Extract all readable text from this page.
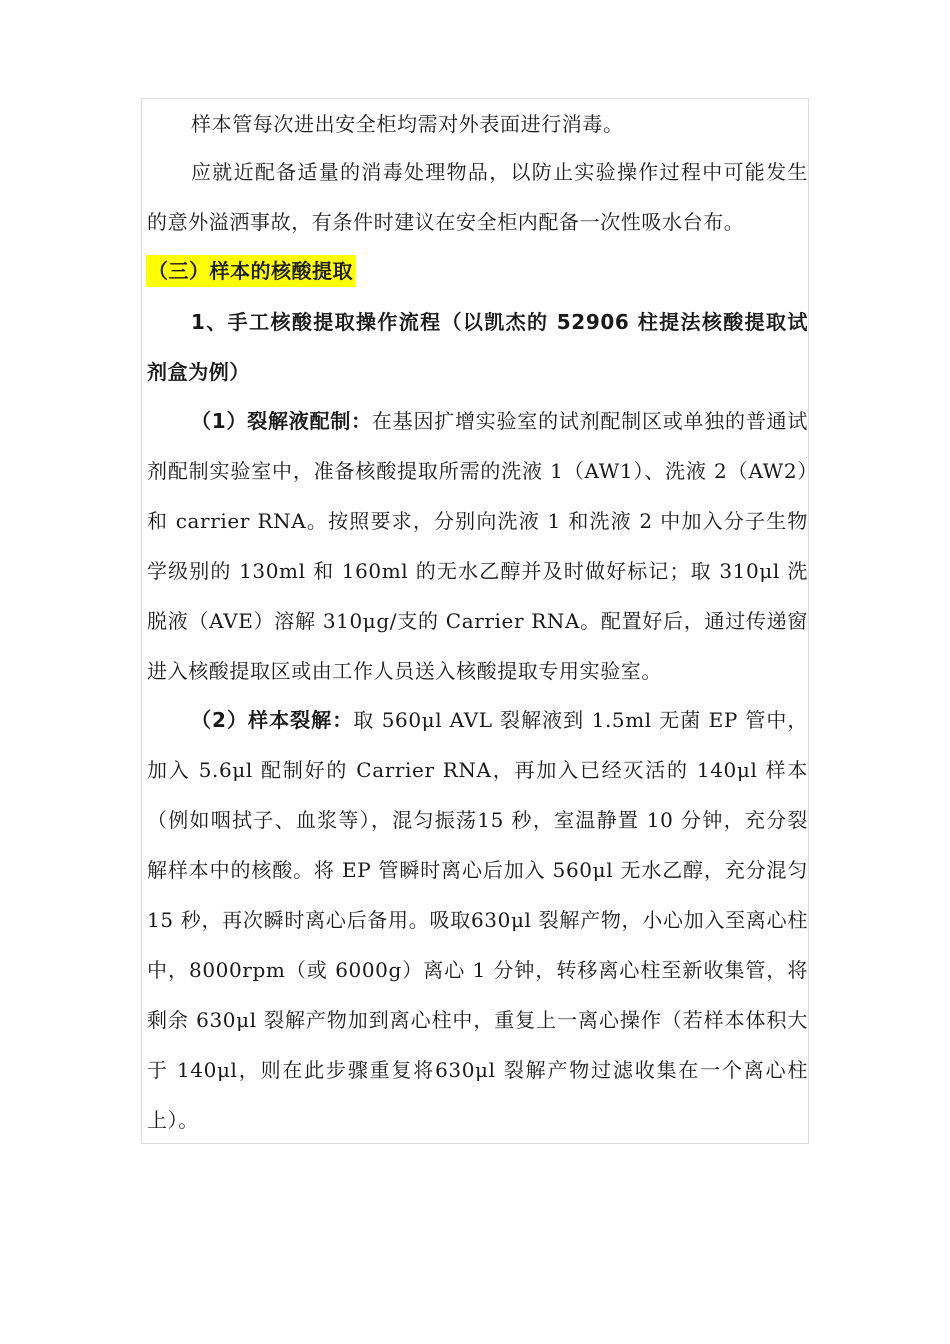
样本管每次进出安全柜均需对外表面进行消毒。
应就近配备适量的消毒处理物品，以防止实验操作过程中可能发生的意外溢洒事故，有条件时建议在安全柜内配备一次性吸水台布。
（三）样本的核酸提取
1、手工核酸提取操作流程（以凯杰的 52906 柱提法核酸提取试剂盒为例）
（1）裂解液配制：在基因扩增实验室的试剂配制区或单独的普通试剂配制实验室中，准备核酸提取所需的洗液 1（AW1）、洗液 2（AW2）和 carrier RNA。按照要求，分别向洗液 1 和洗液 2 中加入分子生物学级别的 130ml 和 160ml 的无水乙醇并及时做好标记；取 310μl 洗脱液（AVE）溶解 310μg/支的 Carrier RNA。配置好后，通过传递窗进入核酸提取区或由工作人员送入核酸提取专用实验室。
（2）样本裂解：取 560μl AVL 裂解液到 1.5ml 无菌 EP 管中，加入 5.6μl 配制好的 Carrier RNA，再加入已经灭活的 140μl 样本（例如咽拭子、血浆等），混匀振荡15 秒，室温静置 10 分钟，充分裂解样本中的核酸。将 EP 管瞬时离心后加入 560μl 无水乙醇，充分混匀 15 秒，再次瞬时离心后备用。吸取630μl 裂解产物，小心加入至离心柱中，8000rpm（或 6000g）离心 1 分钟，转移离心柱至新收集管，将剩余 630μl 裂解产物加到离心柱中，重复上一离心操作（若样本体积大于 140μl，则在此步骤重复将630μl 裂解产物过滤收集在一个离心柱上）。
